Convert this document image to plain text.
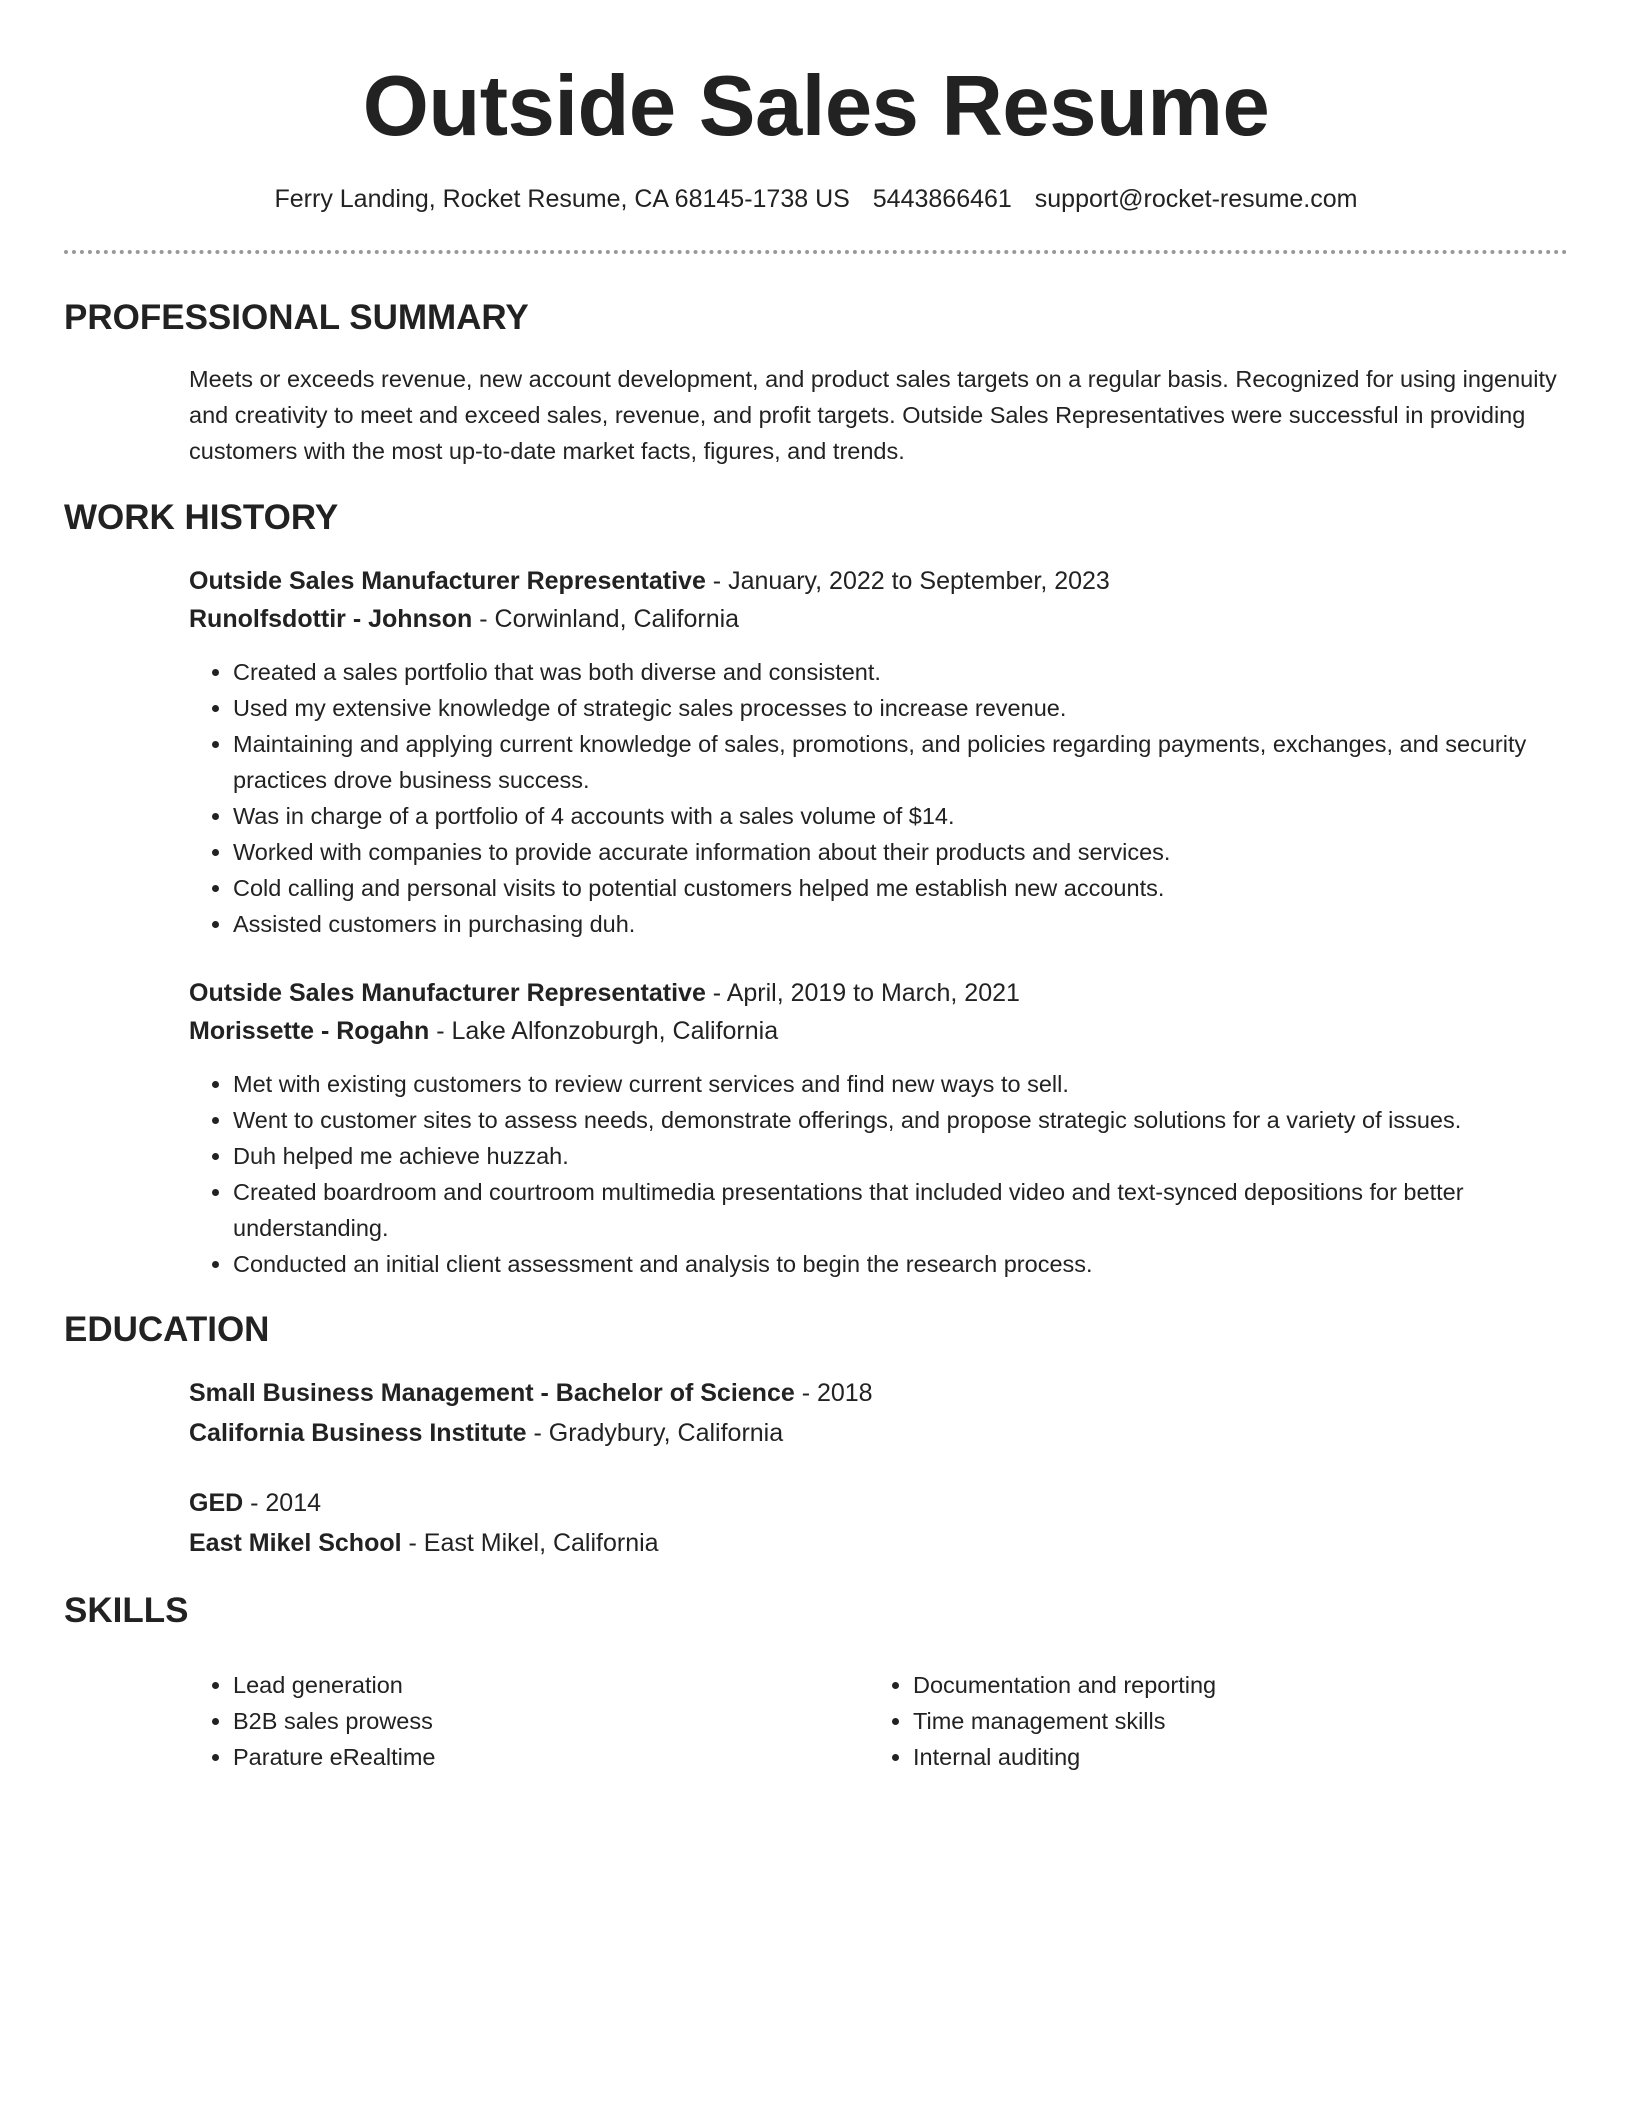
Outside Sales Resume
Ferry Landing, Rocket Resume, CA 68145-1738 US 5443866461 support@rocket-resume.com
PROFESSIONAL SUMMARY

Meets or exceeds revenue, new account development, and product sales targets on a regular basis. Recognized for using ingenuity and creativity to meet and exceed sales, revenue, and profit targets. Outside Sales Representatives were successful in providing customers with the most up-to-date market facts, figures, and trends.

WORK HISTORY
Outside Sales Manufacturer Representative - January, 2022 to September, 2023
Runolfsdottir - Johnson - Corwinland, California
• Created a sales portfolio that was both diverse and consistent.
• Used my extensive knowledge of strategic sales processes to increase revenue.
• Maintaining and applying current knowledge of sales, promotions, and policies regarding payments, exchanges, and security practices drove business success.
• Was in charge of a portfolio of 4 accounts with a sales volume of $14.
• Worked with companies to provide accurate information about their products and services.
• Cold calling and personal visits to potential customers helped me establish new accounts.
• Assisted customers in purchasing duh.
Outside Sales Manufacturer Representative - April, 2019 to March, 2021
Morissette - Rogahn - Lake Alfonzoburgh, California
• Met with existing customers to review current services and find new ways to sell.
• Went to customer sites to assess needs, demonstrate offerings, and propose strategic solutions for a variety of issues.
• Duh helped me achieve huzzah.
• Created boardroom and courtroom multimedia presentations that included video and text-synced depositions for better understanding.
• Conducted an initial client assessment and analysis to begin the research process.
EDUCATION
Small Business Management - Bachelor of Science - 2018
California Business Institute - Gradybury, California
GED - 2014
East Mikel School - East Mikel, California
SKILLS
• Lead generation
• B2B sales prowess
• Parature eRealtime
• Documentation and reporting
• Time management skills
• Internal auditing
